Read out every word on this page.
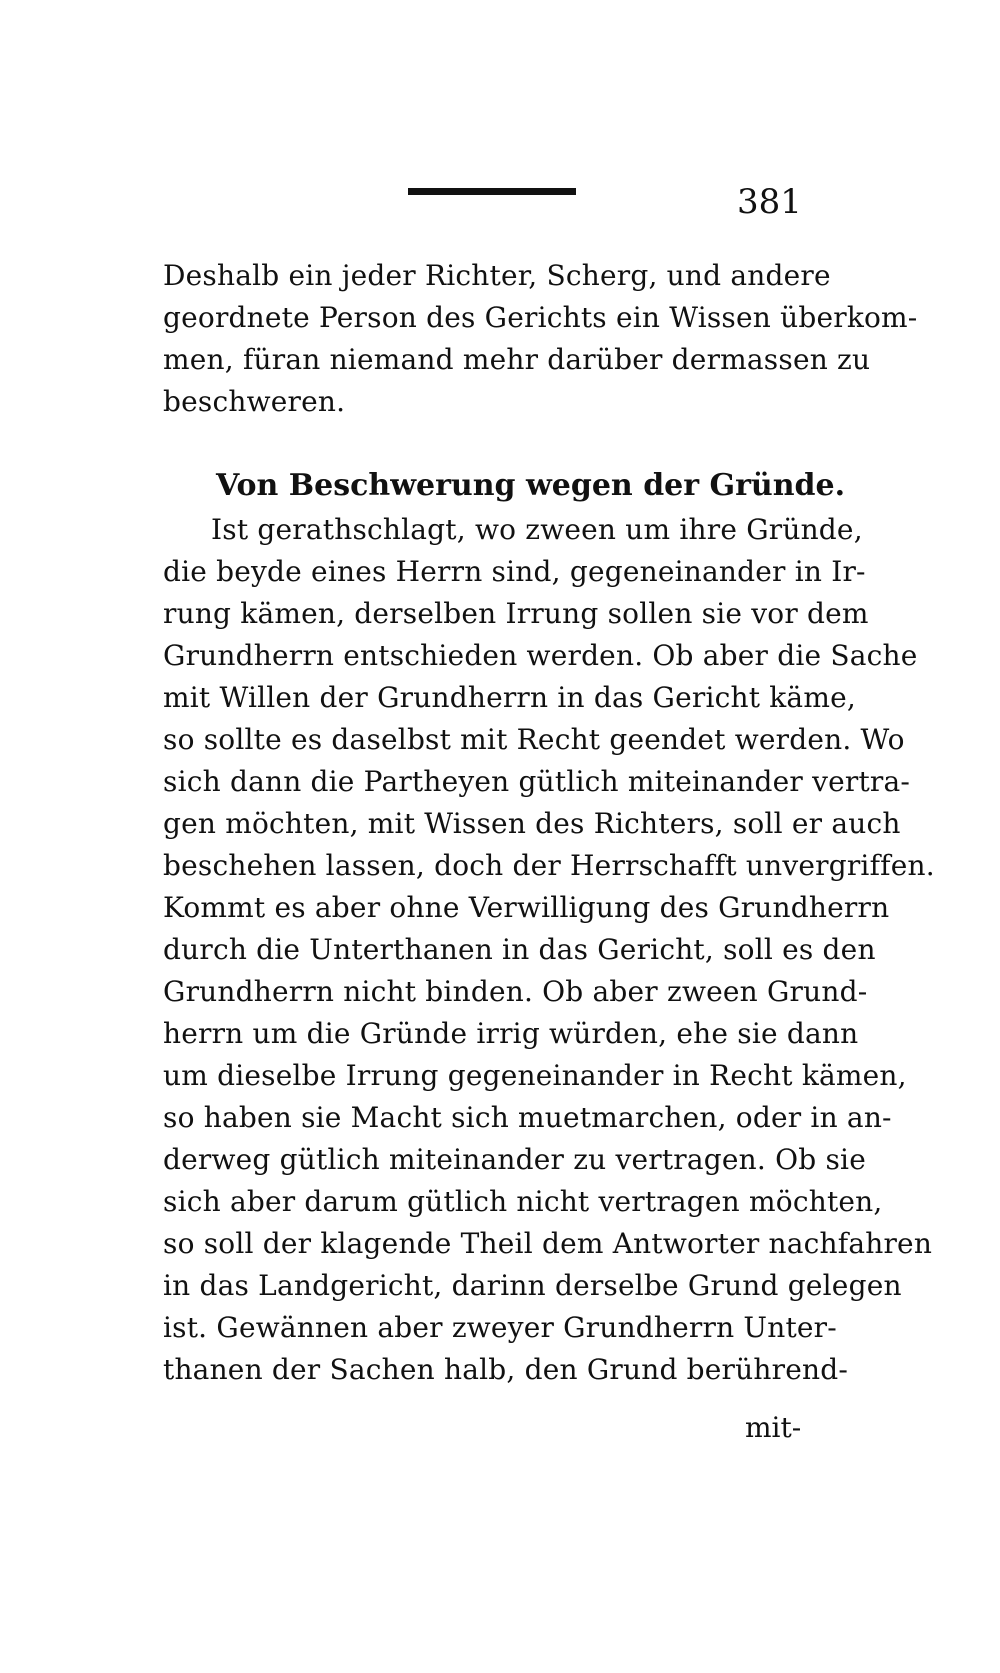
381
Deshalb ein jeder Richter, Scherg, und andere
geordnete Person des Gerichts ein Wissen überkom-
men, füran niemand mehr darüber dermassen zu
beschweren.
Von Beschwerung wegen der Gründe.
Ist gerathschlagt, wo zween um ihre Gründe,
die beyde eines Herrn sind, gegeneinander in Ir-
rung kämen, derselben Irrung sollen sie vor dem
Grundherrn entschieden werden. Ob aber die Sache
mit Willen der Grundherrn in das Gericht käme,
so sollte es daselbst mit Recht geendet werden. Wo
sich dann die Partheyen gütlich miteinander vertra-
gen möchten, mit Wissen des Richters, soll er auch
beschehen lassen, doch der Herrschafft unvergriffen.
Kommt es aber ohne Verwilligung des Grundherrn
durch die Unterthanen in das Gericht, soll es den
Grundherrn nicht binden. Ob aber zween Grund-
herrn um die Gründe irrig würden, ehe sie dann
um dieselbe Irrung gegeneinander in Recht kämen,
so haben sie Macht sich muetmarchen, oder in an-
derweg gütlich miteinander zu vertragen. Ob sie
sich aber darum gütlich nicht vertragen möchten,
so soll der klagende Theil dem Antworter nachfahren
in das Landgericht, darinn derselbe Grund gelegen
ist. Gewännen aber zweyer Grundherrn Unter-
thanen der Sachen halb, den Grund berührend-
mit-
